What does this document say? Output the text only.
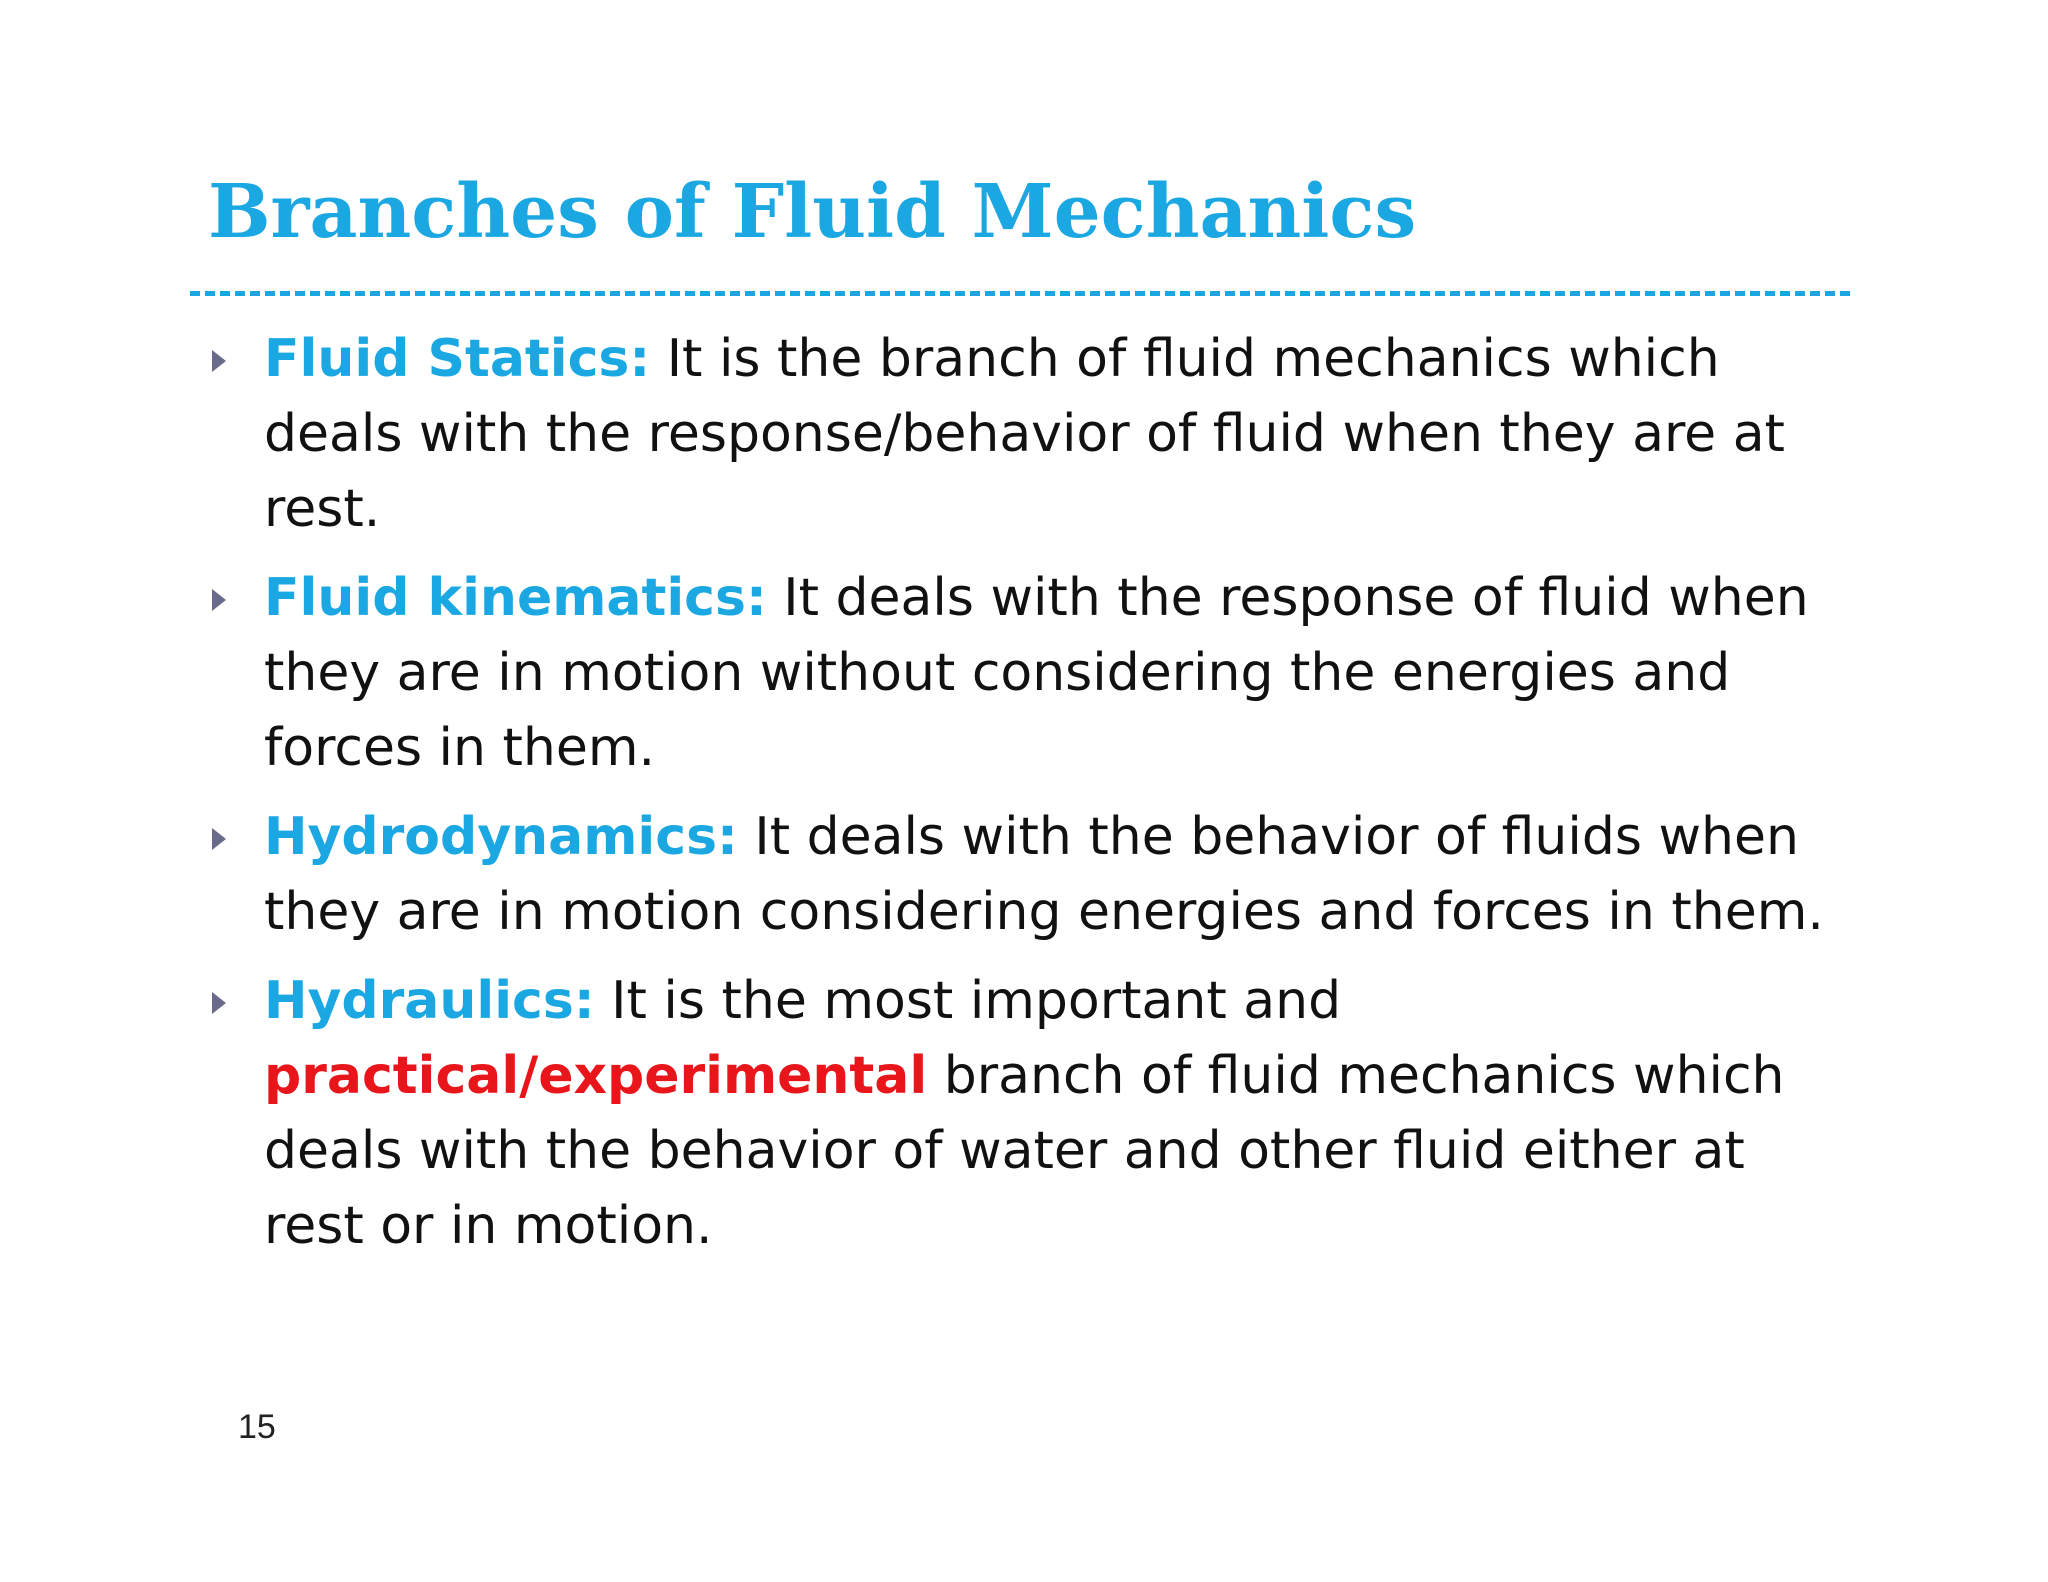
Branches of Fluid Mechanics
Fluid Statics: It is the branch of fluid mechanics which deals with the response/behavior of fluid when they are at rest.
Fluid kinematics: It deals with the response of fluid when they are in motion without considering the energies and forces in them.
Hydrodynamics: It deals with the behavior of fluids when they are in motion considering energies and forces in them.
Hydraulics: It is the most important and practical/experimental branch of fluid mechanics which deals with the behavior of water and other fluid either at rest or in motion.
15
